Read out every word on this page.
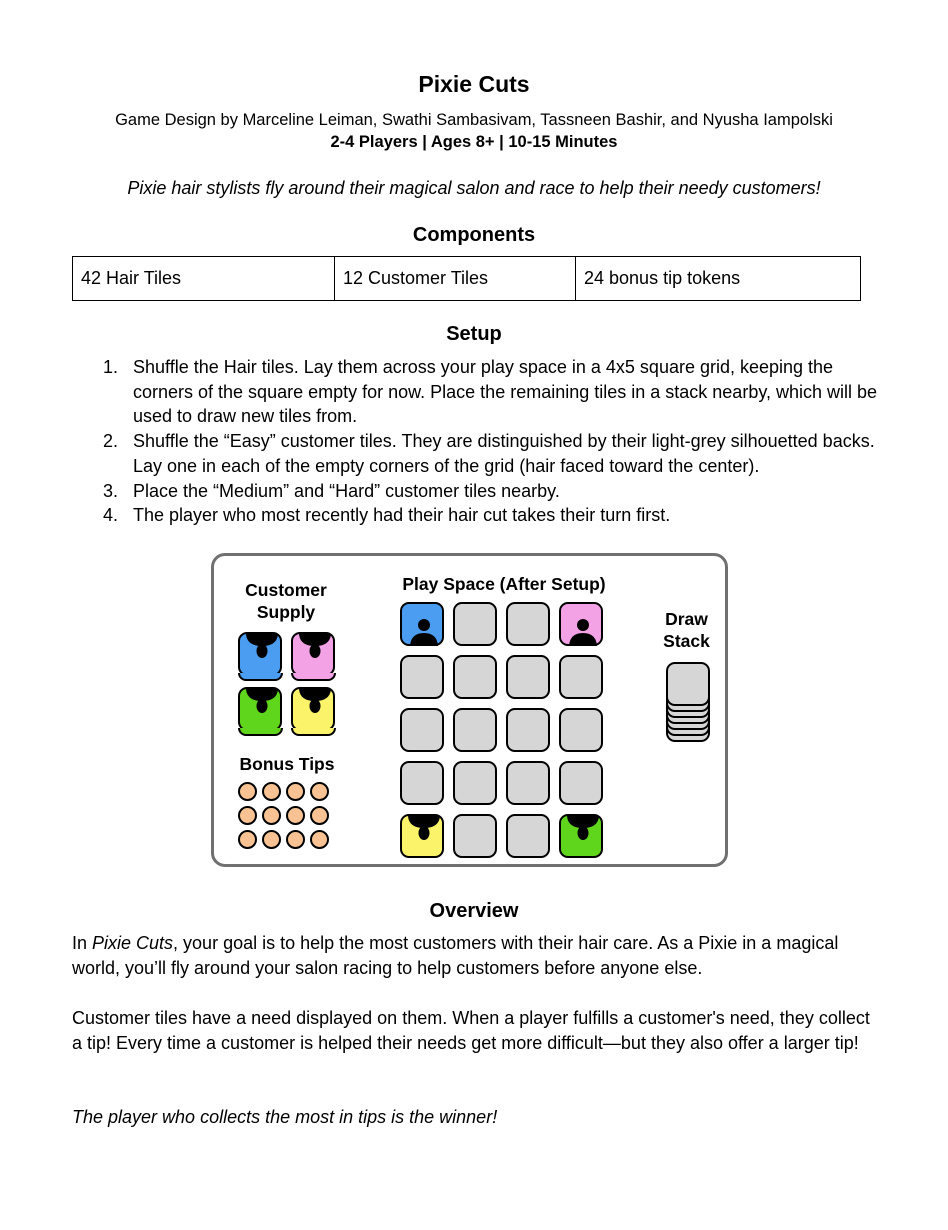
Pixie Cuts
Game Design by Marceline Leiman, Swathi Sambasivam, Tassneen Bashir, and Nyusha Iampolski
2-4 Players | Ages 8+ | 10-15 Minutes
Pixie hair stylists fly around their magical salon and race to help their needy customers!
Components
42 Hair Tiles	12 Customer Tiles	24 bonus tip tokens
Setup
1. Shuffle the Hair tiles. Lay them across your play space in a 4x5 square grid, keeping the corners of the square empty for now. Place the remaining tiles in a stack nearby, which will be used to draw new tiles from.
2. Shuffle the “Easy” customer tiles. They are distinguished by their light-grey silhouetted backs. Lay one in each of the empty corners of the grid (hair faced toward the center).
3. Place the “Medium” and “Hard” customer tiles nearby.
4. The player who most recently had their hair cut takes their turn first.
Customer
Supply
Play Space (After Setup)
Draw
Stack
Bonus Tips
Overview
In Pixie Cuts, your goal is to help the most customers with their hair care. As a Pixie in a magical world, you’ll fly around your salon racing to help customers before anyone else.
Customer tiles have a need displayed on them. When a player fulfills a customer's need, they collect a tip! Every time a customer is helped their needs get more difficult—but they also offer a larger tip!
The player who collects the most in tips is the winner!
